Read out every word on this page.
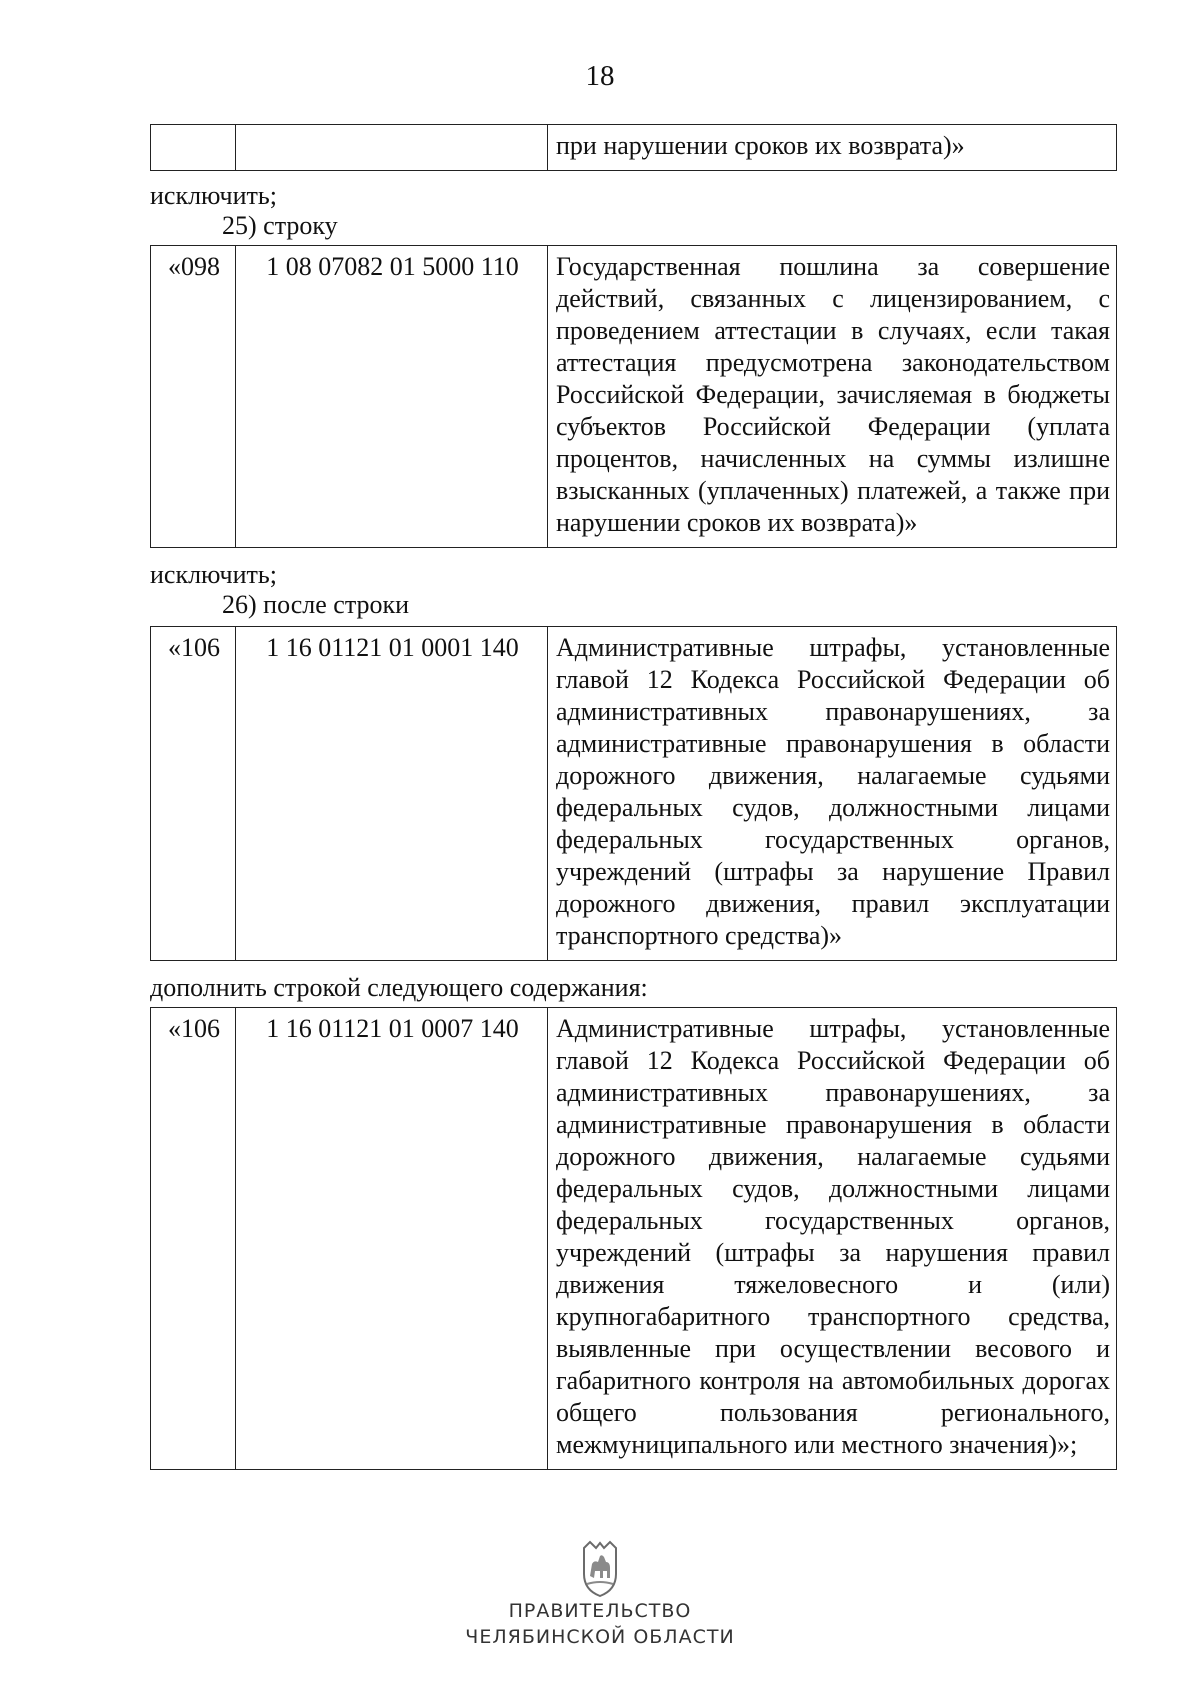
18
		при нарушении сроков их возврата)»
исключить;
25) строку
«098	1 08 07082 01 5000 110	Государственная пошлина за совершение действий, связанных с лицензированием, с проведением аттестации в случаях, если такая аттестация предусмотрена законодательством Российской Федерации, зачисляемая в бюджеты субъектов Российской Федерации (уплата процентов, начисленных на суммы излишне взысканных (уплаченных) платежей, а также при нарушении сроков их возврата)»
исключить;
26) после строки
«106	1 16 01121 01 0001 140	Административные штрафы, установленные главой 12 Кодекса Российской Федерации об административных правонарушениях, за административные правонарушения в области дорожного движения, налагаемые судьями федеральных судов, должностными лицами федеральных государственных органов, учреждений (штрафы за нарушение Правил дорожного движения, правил эксплуатации транспортного средства)»
дополнить строкой следующего содержания:
«106	1 16 01121 01 0007 140	Административные штрафы, установленные главой 12 Кодекса Российской Федерации об административных правонарушениях, за административные правонарушения в области дорожного движения, налагаемые судьями федеральных судов, должностными лицами федеральных государственных органов, учреждений (штрафы за нарушения правил движения тяжеловесного и (или) крупногабаритного транспортного средства, выявленные при осуществлении весового и габаритного контроля на автомобильных дорогах общего пользования регионального, межмуниципального или местного значения)»;
ПРАВИТЕЛЬСТВО
ЧЕЛЯБИНСКОЙ ОБЛАСТИ
